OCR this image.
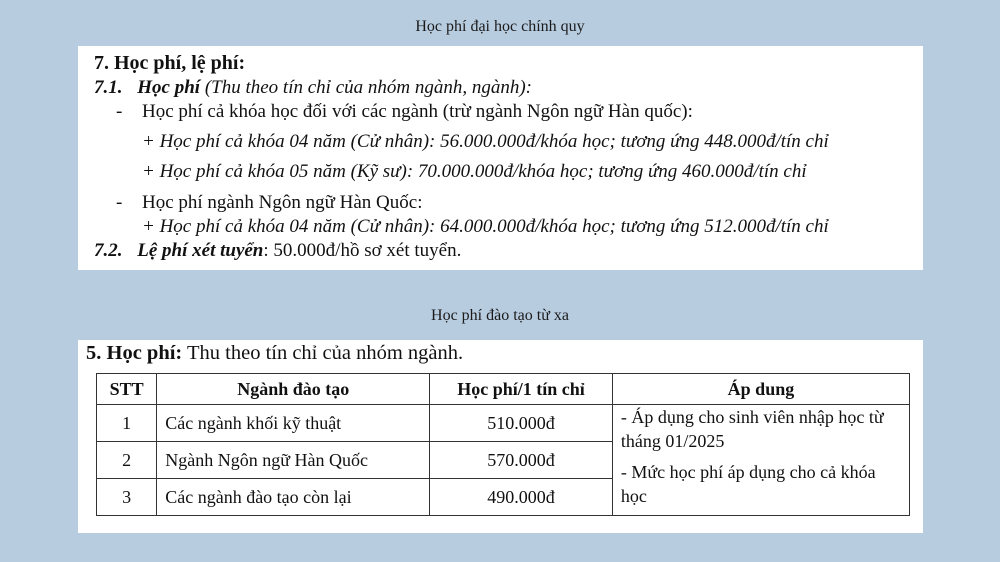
Học phí đại học chính quy
7. Học phí, lệ phí:
7.1. Học phí (Thu theo tín chỉ của nhóm ngành, ngành):
- Học phí cả khóa học đối với các ngành (trừ ngành Ngôn ngữ Hàn quốc):
+ Học phí cả khóa 04 năm (Cử nhân): 56.000.000đ/khóa học; tương ứng 448.000đ/tín chỉ
+ Học phí cả khóa 05 năm (Kỹ sư): 70.000.000đ/khóa học; tương ứng 460.000đ/tín chỉ
- Học phí ngành Ngôn ngữ Hàn Quốc:
+ Học phí cả khóa 04 năm (Cử nhân): 64.000.000đ/khóa học; tương ứng 512.000đ/tín chỉ
7.2. Lệ phí xét tuyển: 50.000đ/hồ sơ xét tuyển.
Học phí đào tạo từ xa
5. Học phí: Thu theo tín chỉ của nhóm ngành.
STT	Ngành đào tạo	Học phí/1 tín chỉ	Áp dung
1	Các ngành khối kỹ thuật	510.000đ	- Áp dụng cho sinh viên nhập học từ tháng 01/2025

- Mức học phí áp dụng cho cả khóa học

2	Ngành Ngôn ngữ Hàn Quốc	570.000đ	
3	Các ngành đào tạo còn lại	490.000đ	
